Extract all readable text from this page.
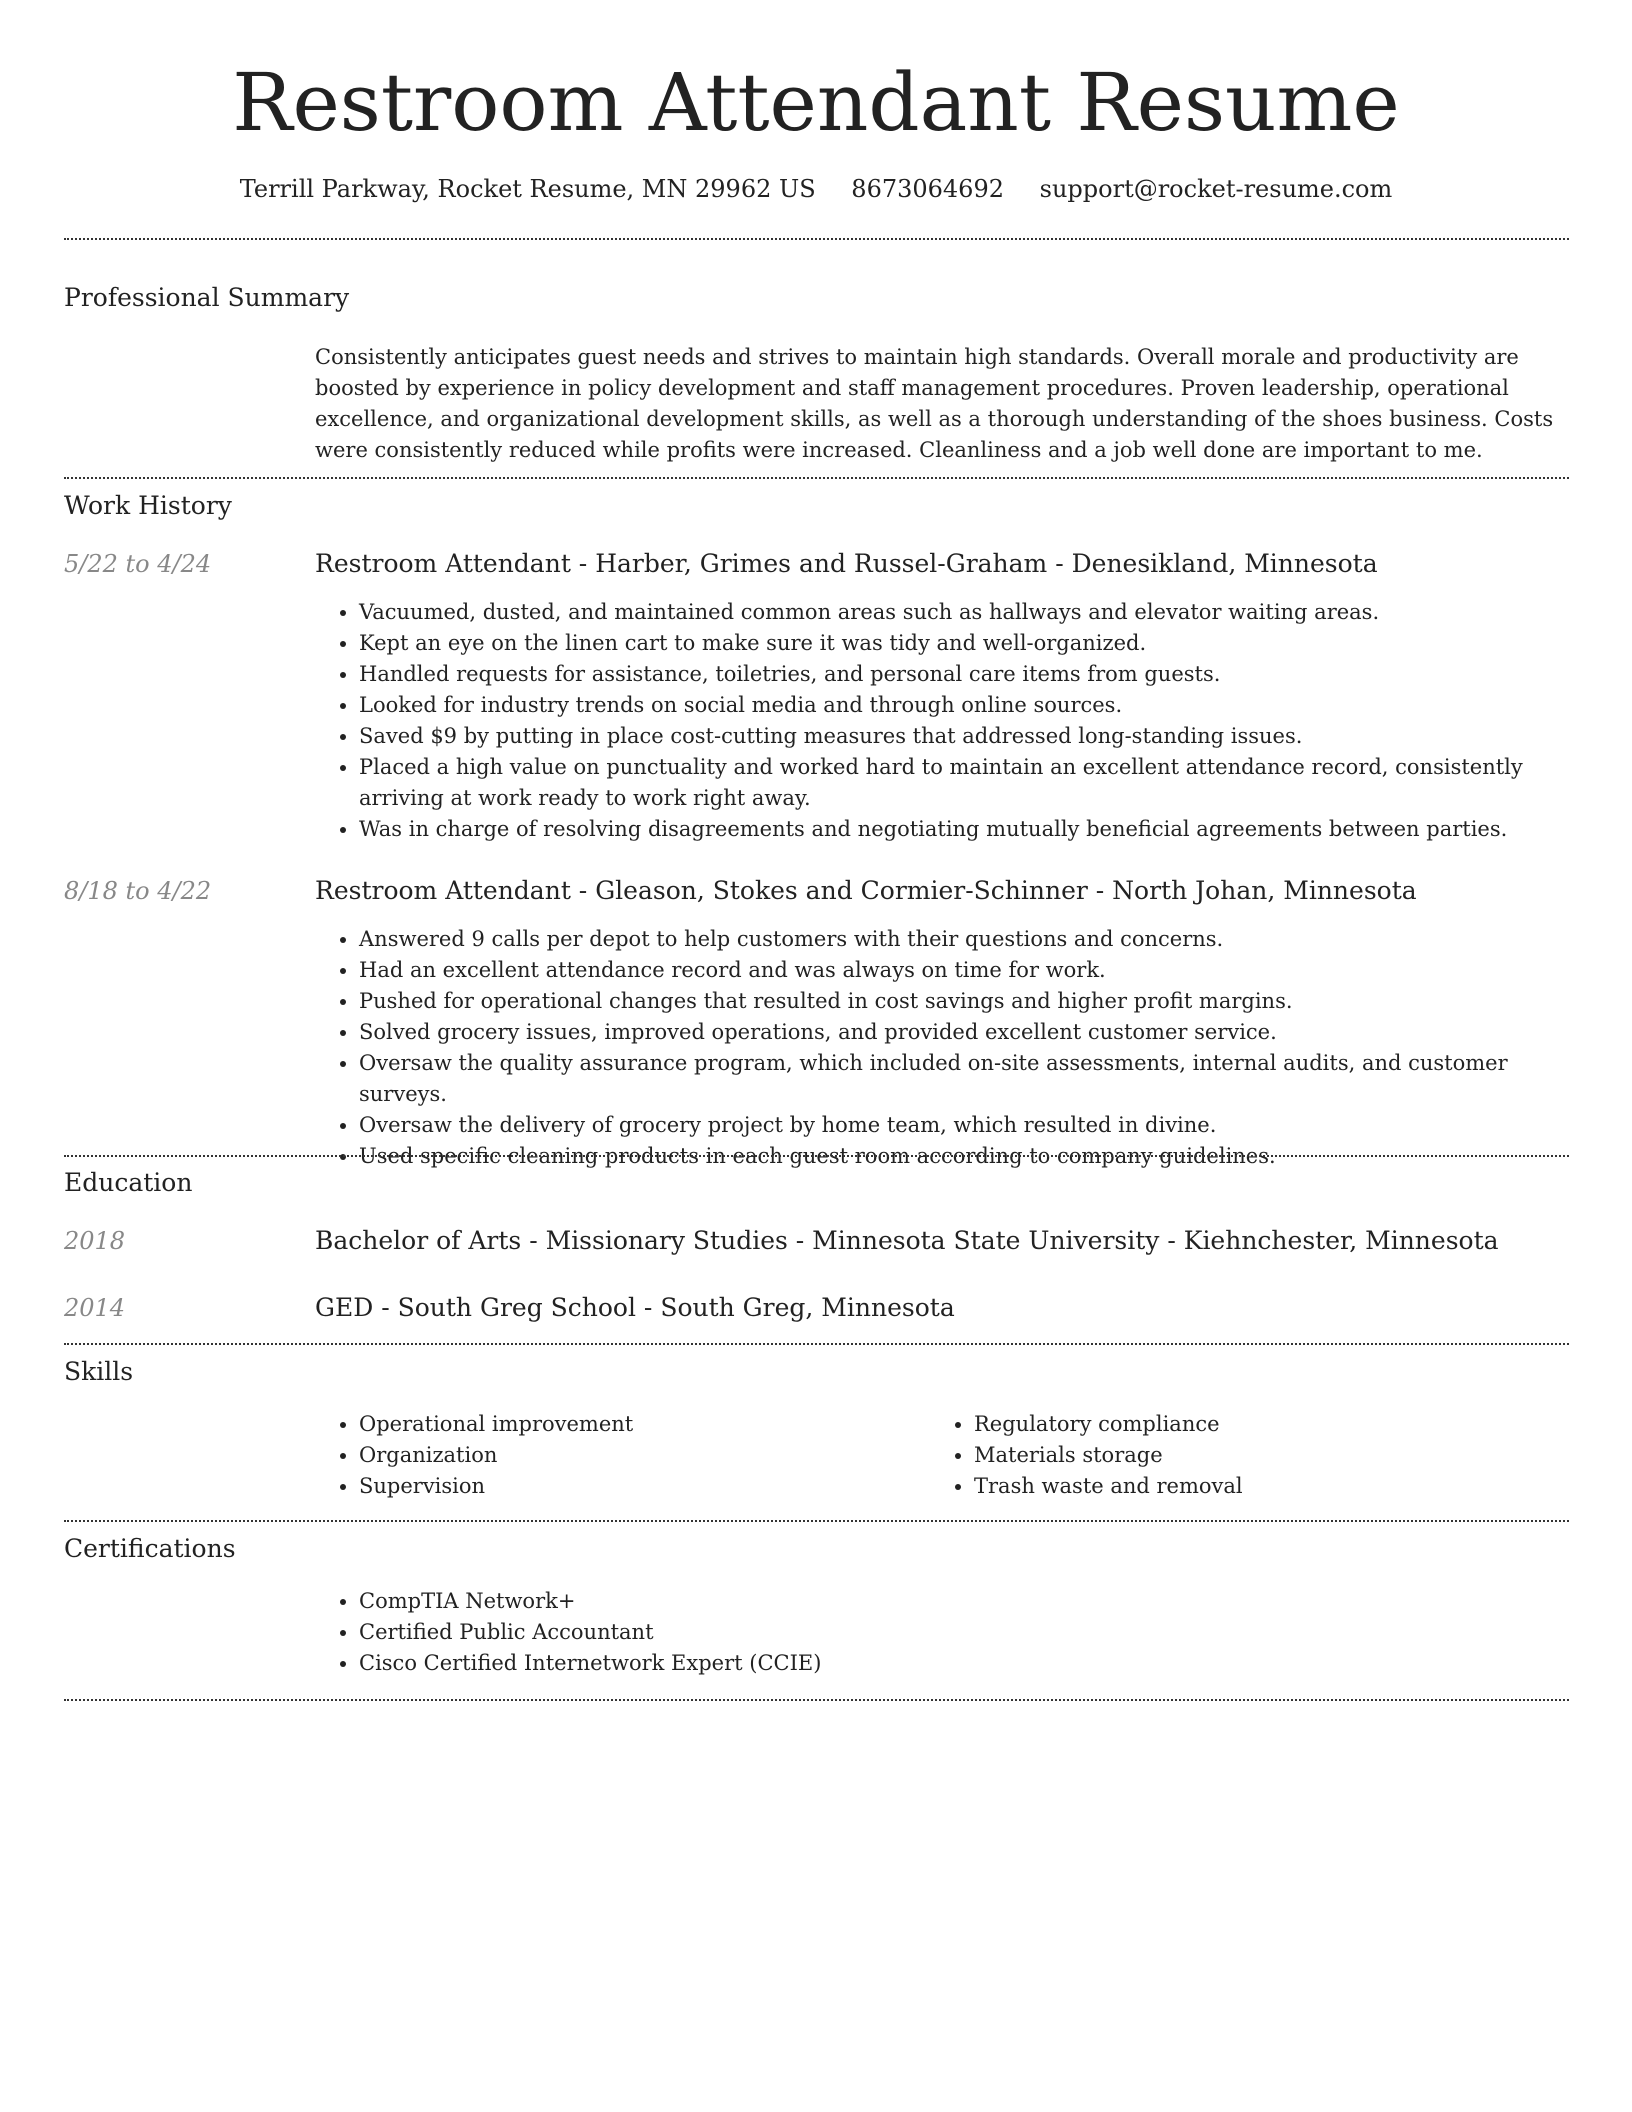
Restroom Attendant Resume
Terrill Parkway, Rocket Resume, MN 29962 US 8673064692 support@rocket-resume.com
Professional Summary

Consistently anticipates guest needs and strives to maintain high standards. Overall morale and productivity are boosted by experience in policy development and staff management procedures. Proven leadership, operational excellence, and organizational development skills, as well as a thorough understanding of the shoes business. Costs were consistently reduced while profits were increased. Cleanliness and a job well done are important to me.

Work History
5/22 to 4/24	Restroom Attendant - Harber, Grimes and Russel-Graham - Denesikland, Minnesota
• Vacuumed, dusted, and maintained common areas such as hallways and elevator waiting areas.
• Kept an eye on the linen cart to make sure it was tidy and well-organized.
• Handled requests for assistance, toiletries, and personal care items from guests.
• Looked for industry trends on social media and through online sources.
• Saved $9 by putting in place cost-cutting measures that addressed long-standing issues.
• Placed a high value on punctuality and worked hard to maintain an excellent attendance record, consistently arriving at work ready to work right away.
• Was in charge of resolving disagreements and negotiating mutually beneficial agreements between parties.
8/18 to 4/22	Restroom Attendant - Gleason, Stokes and Cormier-Schinner - North Johan, Minnesota
• Answered 9 calls per depot to help customers with their questions and concerns.
• Had an excellent attendance record and was always on time for work.
• Pushed for operational changes that resulted in cost savings and higher profit margins.
• Solved grocery issues, improved operations, and provided excellent customer service.
• Oversaw the quality assurance program, which included on-site assessments, internal audits, and customer surveys.
• Oversaw the delivery of grocery project by home team, which resulted in divine.
• Used specific cleaning products in each guest room according to company guidelines.
Education
2018	Bachelor of Arts - Missionary Studies - Minnesota State University - Kiehnchester, Minnesota
2014	GED - South Greg School - South Greg, Minnesota
Skills
• Operational improvement
• Organization
• Supervision
• Regulatory compliance
• Materials storage
• Trash waste and removal
Certifications
• CompTIA Network+
• Certified Public Accountant
• Cisco Certified Internetwork Expert (CCIE)
